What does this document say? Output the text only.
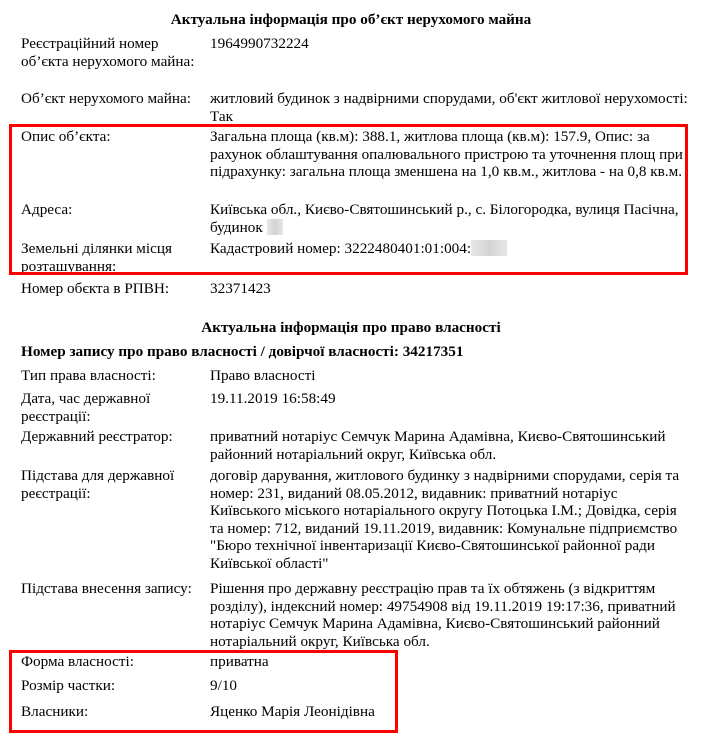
Актуальна інформація про об’єкт нерухомого майна
Реєстраційний номер об’єкта нерухомого майна:
1964990732224
Об’єкт нерухомого майна:	житловий будинок з надвірними спорудами, об'єкт житлової нерухомості: Так
Опис об’єкта:	Загальна площа (кв.м): 388.1, житлова площа (кв.м): 157.9, Опис: за рахунок облаштування опалювального пристрою та уточнення площ при підрахунку: загальна площа зменшена на 1,0 кв.м., житлова - на 0,8 кв.м.
Адреса:	Київська обл., Києво-Святошинський р., с. Білогородка, вулиця Пасічна, будинок
Земельні ділянки місця розташування:
Кадастровий номер: 3222480401:01:004:
Номер обєкта в РПВН:	32371423
Актуальна інформація про право власності
Номер запису про право власності / довірчої власності: 34217351
Тип права власності:	Право власності
Дата, час державної реєстрації:
19.11.2019 16:58:49
Державний реєстратор:	приватний нотаріус Семчук Марина Адамівна, Києво-Святошинський районний нотаріальний округ, Київська обл.
Підстава для державної реєстрації:
договір дарування, житлового будинку з надвірними спорудами, серія та номер: 231, виданий 08.05.2012, видавник: приватний нотаріус Київського міського нотаріального округу Потоцька І.М.; Довідка, серія та номер: 712, виданий 19.11.2019, видавник: Комунальне підприємство "Бюро технічної інвентаризації Києво-Святошинської районної ради Київської області"
Підстава внесення запису:	Рішення про державну реєстрацію прав та їх обтяжень (з відкриттям розділу), індексний номер: 49754908 від 19.11.2019 19:17:36, приватний нотаріус Семчук Марина Адамівна, Києво-Святошинський районний нотаріальний округ, Київська обл.
Форма власності:	приватна
Розмір частки:	9/10
Власники:	Яценко Марія Леонідівна
